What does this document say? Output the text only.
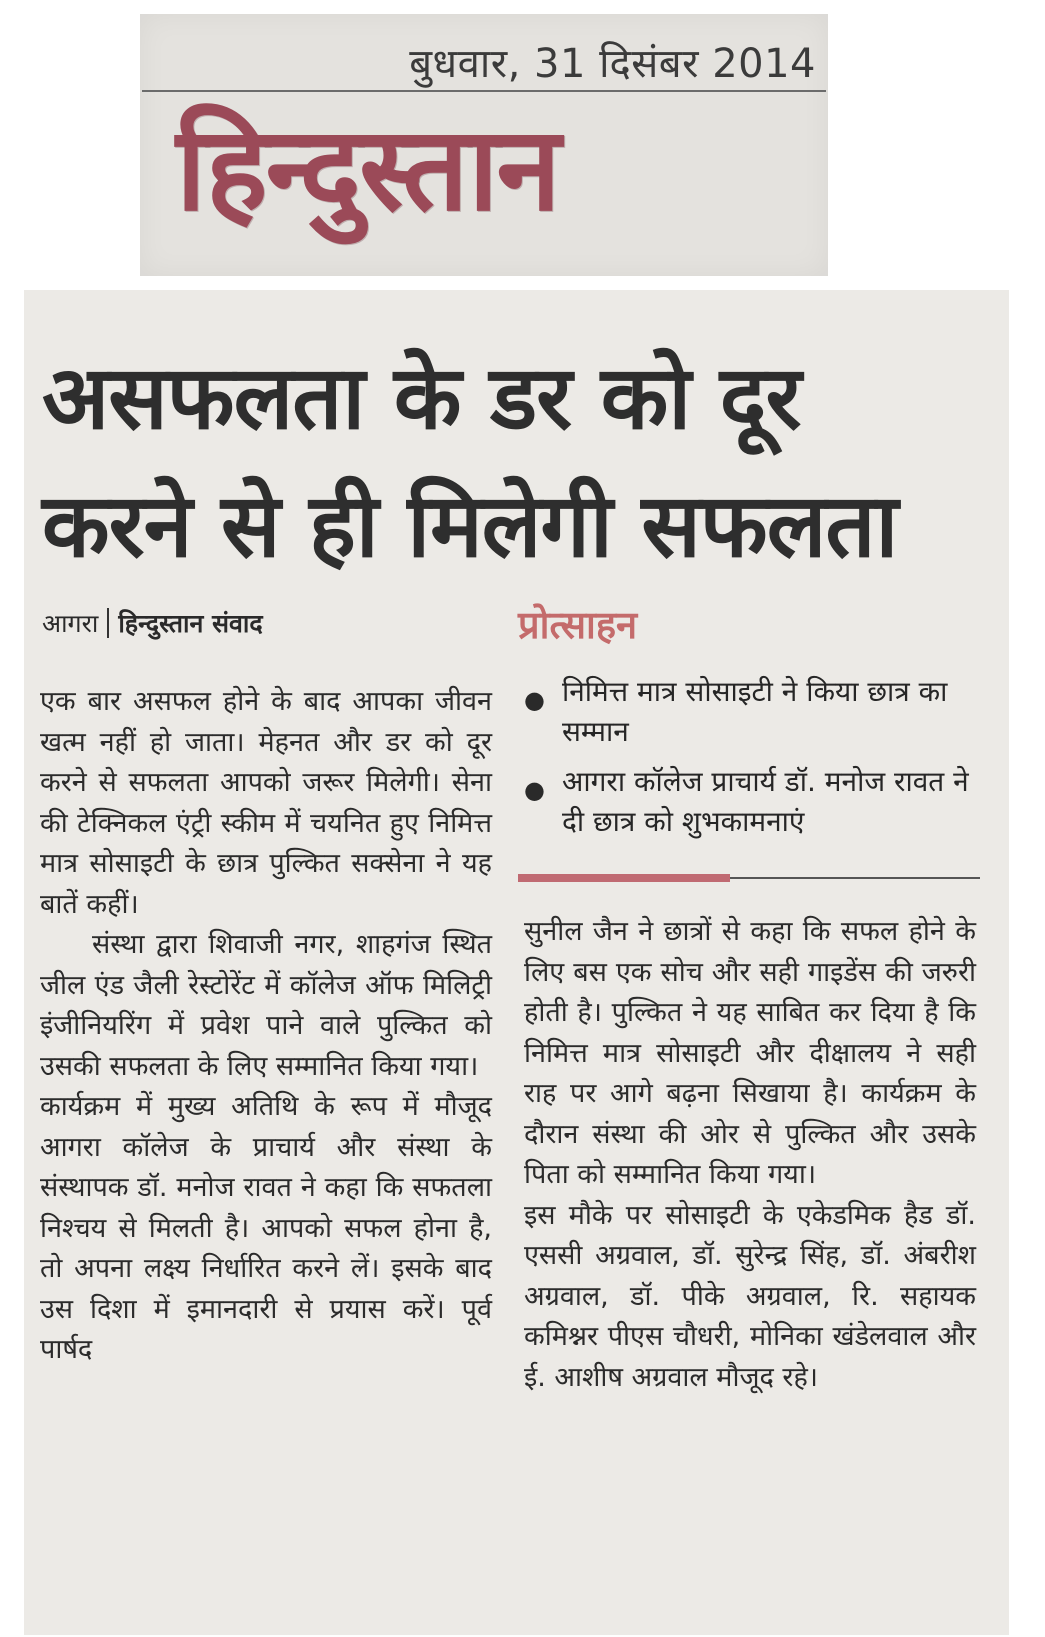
बुधवार, 31 दिसंबर 2014
हिन्दुस्तान
असफलता के डर को दूर
करने से ही मिलेगी सफलता
आगरा हिन्दुस्तान संवाद	प्रोत्साहन
● निमित्त मात्र सोसाइटी ने किया छात्र का सम्मान
● आगरा कॉलेज प्राचार्य डॉ. मनोज रावत ने दी छात्र को शुभकामनाएं

एक बार असफल होने के बाद आपका जीवन खत्म नहीं हो जाता। मेहनत और डर को दूर करने से सफलता आपको जरूर मिलेगी। सेना की टेक्निकल एंट्री स्कीम में चयनित हुए निमित्त मात्र सोसाइटी के छात्र पुल्कित सक्सेना ने यह बातें कहीं।

संस्था द्वारा शिवाजी नगर, शाहगंज स्थित जील एंड जैली रेस्टोरेंट में कॉलेज ऑफ मिलिट्री इंजीनियरिंग में प्रवेश पाने वाले पुल्कित को उसकी सफलता के लिए सम्मानित किया गया।

कार्यक्रम में मुख्य अतिथि के रूप में मौजूद आगरा कॉलेज के प्राचार्य और संस्था के संस्थापक डॉ. मनोज रावत ने कहा कि सफतला निश्चय से मिलती है। आपको सफल होना है, तो अपना लक्ष्य निर्धारित करने लें। इसके बाद उस दिशा में इमानदारी से प्रयास करें। पूर्व पार्षद

सुनील जैन ने छात्रों से कहा कि सफल होने के लिए बस एक सोच और सही गाइडेंस की जरुरी होती है। पुल्कित ने यह साबित कर दिया है कि निमित्त मात्र सोसाइटी और दीक्षालय ने सही राह पर आगे बढ़ना सिखाया है। कार्यक्रम के दौरान संस्था की ओर से पुल्कित और उसके पिता को सम्मानित किया गया।

इस मौके पर सोसाइटी के एकेडमिक हैड डॉ. एससी अग्रवाल, डॉ. सुरेन्द्र सिंह, डॉ. अंबरीश अग्रवाल, डॉ. पीके अग्रवाल, रि. सहायक कमिश्नर पीएस चौधरी, मोनिका खंडेलवाल और ई. आशीष अग्रवाल मौजूद रहे।
